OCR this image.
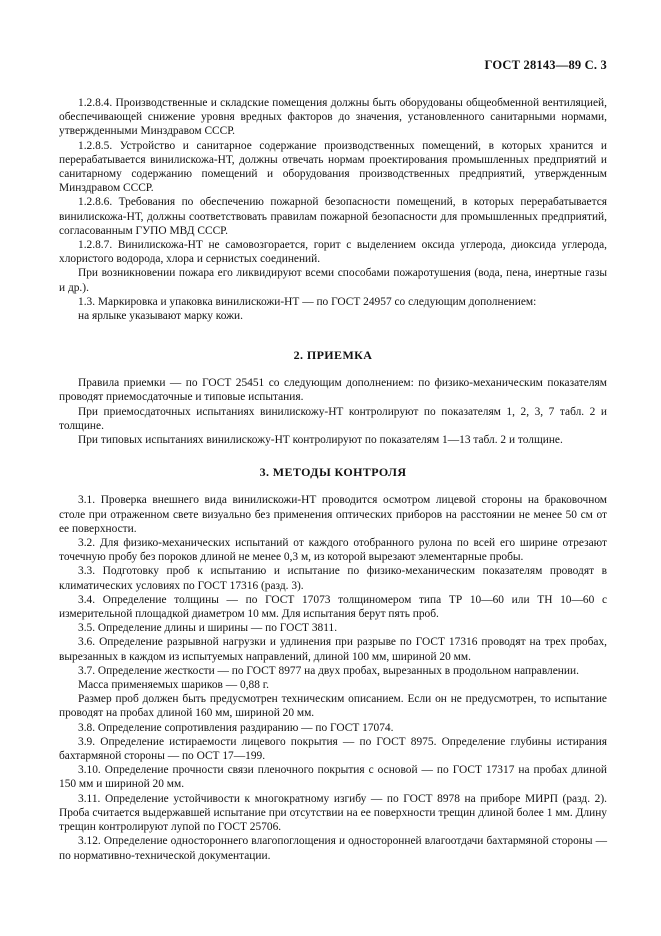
ГОСТ 28143—89 С. 3

1.2.8.4. Производственные и складские помещения должны быть оборудованы общеобменной вентиляцией, обеспечивающей снижение уровня вредных факторов до значения, установленного санитарными нормами, утвержденными Минздравом СССР.

1.2.8.5. Устройство и санитарное содержание производственных помещений, в которых хранится и перерабатывается винилискожа-НТ, должны отвечать нормам проектирования промышленных предприятий и санитарному содержанию помещений и оборудования производственных предприятий, утвержденным Минздравом СССР.

1.2.8.6. Требования по обеспечению пожарной безопасности помещений, в которых перерабатывается винилискожа-НТ, должны соответствовать правилам пожарной безопасности для промышленных предприятий, согласованным ГУПО МВД СССР.

1.2.8.7. Винилискожа-НТ не самовозгорается, горит с выделением оксида углерода, диоксида углерода, хлористого водорода, хлора и сернистых соединений.

При возникновении пожара его ликвидируют всеми способами пожаротушения (вода, пена, инертные газы и др.).

1.3. Маркировка и упаковка винилискожи-НТ — по ГОСТ 24957 со следующим дополнением:

на ярлыке указывают марку кожи.

2. ПРИЕМКА

Правила приемки — по ГОСТ 25451 со следующим дополнением: по физико-механическим показателям проводят приемосдаточные и типовые испытания.

При приемосдаточных испытаниях винилискожу-НТ контролируют по показателям 1, 2, 3, 7 табл. 2 и толщине.

При типовых испытаниях винилискожу-НТ контролируют по показателям 1—13 табл. 2 и толщине.

3. МЕТОДЫ КОНТРОЛЯ

3.1. Проверка внешнего вида винилискожи-НТ проводится осмотром лицевой стороны на браковочном столе при отраженном свете визуально без применения оптических приборов на расстоянии не менее 50 см от ее поверхности.

3.2. Для физико-механических испытаний от каждого отобранного рулона по всей его ширине отрезают точечную пробу без пороков длиной не менее 0,3 м, из которой вырезают элементарные пробы.

3.3. Подготовку проб к испытанию и испытание по физико-механическим показателям проводят в климатических условиях по ГОСТ 17316 (разд. 3).

3.4. Определение толщины — по ГОСТ 17073 толщиномером типа ТР 10—60 или ТН 10—60 с измерительной площадкой диаметром 10 мм. Для испытания берут пять проб.

3.5. Определение длины и ширины — по ГОСТ 3811.

3.6. Определение разрывной нагрузки и удлинения при разрыве по ГОСТ 17316 проводят на трех пробах, вырезанных в каждом из испытуемых направлений, длиной 100 мм, шириной 20 мм.

3.7. Определение жесткости — по ГОСТ 8977 на двух пробах, вырезанных в продольном направлении.

Масса применяемых шариков — 0,88 г.

Размер проб должен быть предусмотрен техническим описанием. Если он не предусмотрен, то испытание проводят на пробах длиной 160 мм, шириной 20 мм.

3.8. Определение сопротивления раздиранию — по ГОСТ 17074.

3.9. Определение истираемости лицевого покрытия — по ГОСТ 8975. Определение глубины истирания бахтармяной стороны — по ОСТ 17—199.

3.10. Определение прочности связи пленочного покрытия с основой — по ГОСТ 17317 на пробах длиной 150 мм и шириной 20 мм.

3.11. Определение устойчивости к многократному изгибу — по ГОСТ 8978 на приборе МИРП (разд. 2). Проба считается выдержавшей испытание при отсутствии на ее поверхности трещин длиной более 1 мм. Длину трещин контролируют лупой по ГОСТ 25706.

3.12. Определение одностороннего влагопоглощения и односторонней влагоотдачи бахтармяной стороны — по нормативно-технической документации.
